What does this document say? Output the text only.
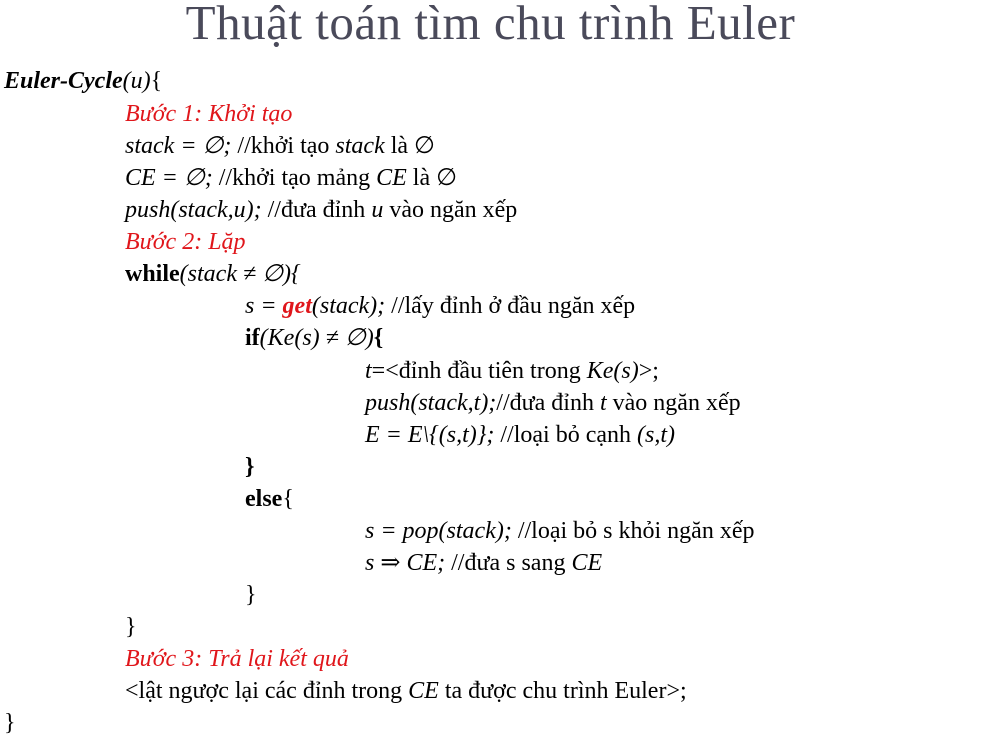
Thuật toán tìm chu trình Euler
Euler-Cycle(u){
Bước 1: Khởi tạo
stack = ∅; //khởi tạo stack là ∅
CE = ∅; //khởi tạo mảng CE là ∅
push(stack,u); //đưa đỉnh u vào ngăn xếp
Bước 2: Lặp
while(stack ≠ ∅){
s = get(stack); //lấy đỉnh ở đầu ngăn xếp
if(Ke(s) ≠ ∅){
t=<đỉnh đầu tiên trong Ke(s)>;
push(stack,t);//đưa đỉnh t vào ngăn xếp
E = E\{(s,t)}; //loại bỏ cạnh (s,t)
}
else{
s = pop(stack); //loại bỏ s khỏi ngăn xếp
s ⇒ CE; //đưa s sang CE
}
}
Bước 3: Trả lại kết quả
<lật ngược lại các đỉnh trong CE ta được chu trình Euler>;
}
